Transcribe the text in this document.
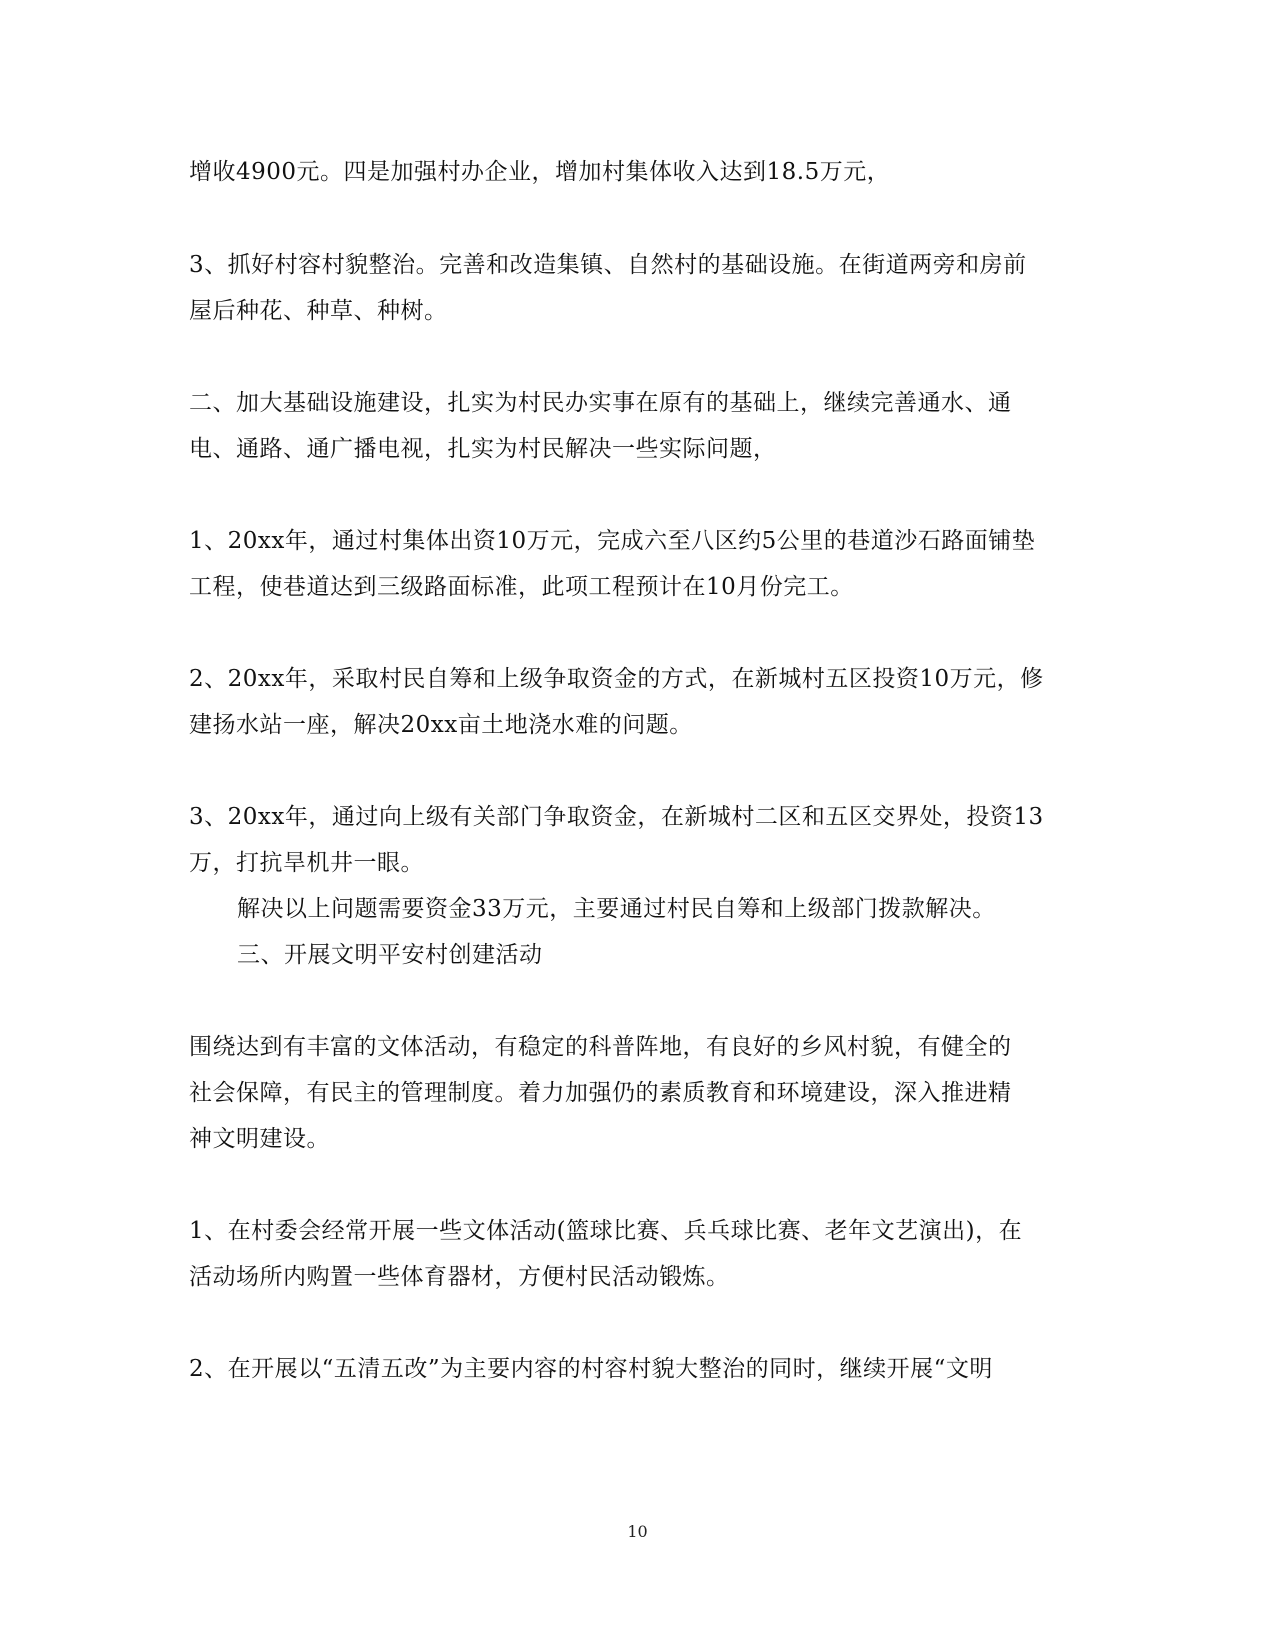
增收4900元。四是加强村办企业，增加村集体收入达到18.5万元，
3、抓好村容村貌整治。完善和改造集镇、自然村的基础设施。在街道两旁和房前
屋后种花、种草、种树。
二、加大基础设施建设，扎实为村民办实事在原有的基础上，继续完善通水、通
电、通路、通广播电视，扎实为村民解决一些实际问题，
1、20xx年，通过村集体出资10万元，完成六至八区约5公里的巷道沙石路面铺垫
工程，使巷道达到三级路面标准，此项工程预计在10月份完工。
2、20xx年，采取村民自筹和上级争取资金的方式，在新城村五区投资10万元，修
建扬水站一座，解决20xx亩土地浇水难的问题。
3、20xx年，通过向上级有关部门争取资金，在新城村二区和五区交界处，投资13
万，打抗旱机井一眼。
解决以上问题需要资金33万元，主要通过村民自筹和上级部门拨款解决。
三、开展文明平安村创建活动
围绕达到有丰富的文体活动，有稳定的科普阵地，有良好的乡风村貌，有健全的
社会保障，有民主的管理制度。着力加强仍的素质教育和环境建设，深入推进精
神文明建设。
1、在村委会经常开展一些文体活动(篮球比赛、兵乓球比赛、老年文艺演出)，在
活动场所内购置一些体育器材，方便村民活动锻炼。
2、在开展以“五清五改”为主要内容的村容村貌大整治的同时，继续开展“文明
10
